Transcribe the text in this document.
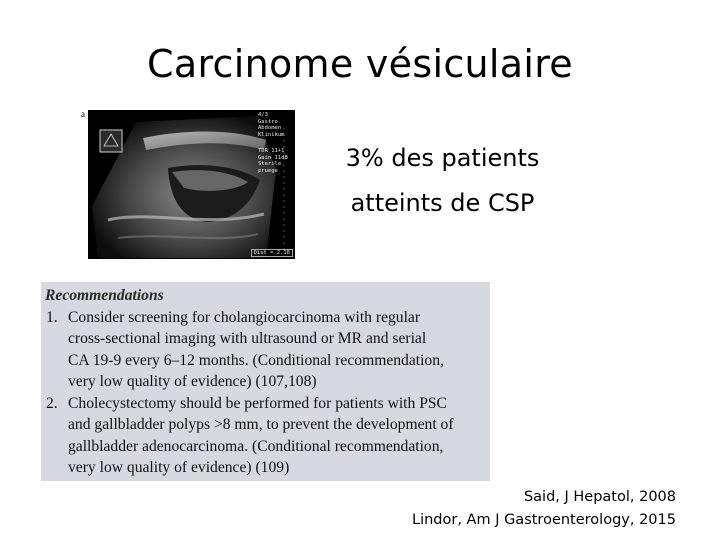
Carcinome vésiculaire
a	4/3
Gastro
Abdomen
Klinikum
TDR 11+1
Gain 11dB
Sterile pruege
Dist = 2.18
3% des patients
atteints de CSP
Recommendations
1. Consider screening for cholangiocarcinoma with regular
cross-sectional imaging with ultrasound or MR and serial
CA 19-9 every 6–12 months. (Conditional recommendation,
very low quality of evidence) (107,108)
2. Cholecystectomy should be performed for patients with PSC
and gallbladder polyps >8 mm, to prevent the development of
gallbladder adenocarcinoma. (Conditional recommendation,
very low quality of evidence) (109)
Said, J Hepatol, 2008
Lindor, Am J Gastroenterology, 2015
